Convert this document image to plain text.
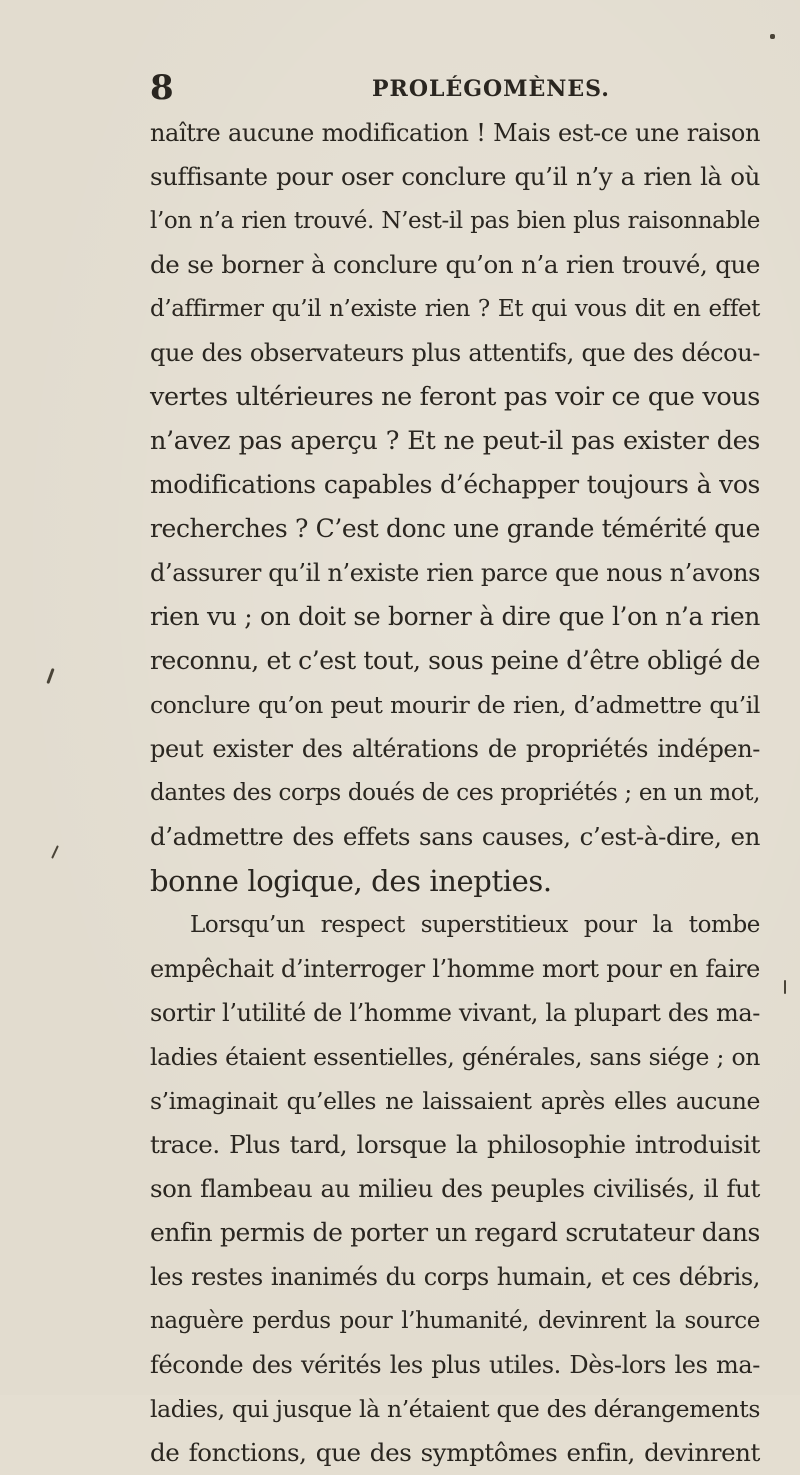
8	PROLÉGOMÈNES.
naître aucune modification ! Mais est-ce une raison
suffisante pour oser conclure qu’il n’y a rien là où
l’on n’a rien trouvé. N’est-il pas bien plus raisonnable
de se borner à conclure qu’on n’a rien trouvé, que
d’affirmer qu’il n’existe rien ? Et qui vous dit en effet
que des observateurs plus attentifs, que des décou-
vertes ultérieures ne feront pas voir ce que vous
n’avez pas aperçu ? Et ne peut-il pas exister des
modifications capables d’échapper toujours à vos
recherches ? C’est donc une grande témérité que
d’assurer qu’il n’existe rien parce que nous n’avons
rien vu ; on doit se borner à dire que l’on n’a rien
reconnu, et c’est tout, sous peine d’être obligé de
conclure qu’on peut mourir de rien, d’admettre qu’il
peut exister des altérations de propriétés indépen-
dantes des corps doués de ces propriétés ; en un mot,
d’admettre des effets sans causes, c’est-à-dire, en
bonne logique, des inepties.
Lorsqu’un respect superstitieux pour la tombe
empêchait d’interroger l’homme mort pour en faire
sortir l’utilité de l’homme vivant, la plupart des ma-
ladies étaient essentielles, générales, sans siége ; on
s’imaginait qu’elles ne laissaient après elles aucune
trace. Plus tard, lorsque la philosophie introduisit
son flambeau au milieu des peuples civilisés, il fut
enfin permis de porter un regard scrutateur dans
les restes inanimés du corps humain, et ces débris,
naguère perdus pour l’humanité, devinrent la source
féconde des vérités les plus utiles. Dès-lors les ma-
ladies, qui jusque là n’étaient que des dérangements
de fonctions, que des symptômes enfin, devinrent
